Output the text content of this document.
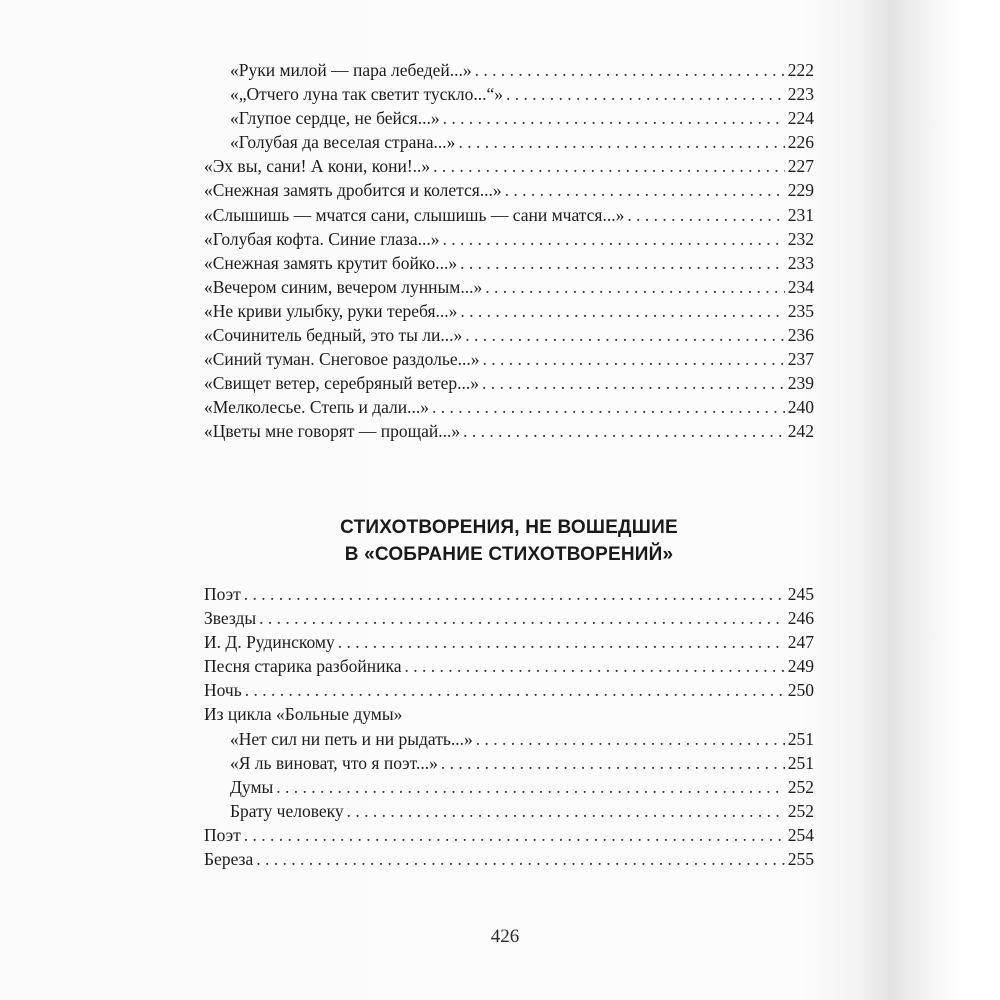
«Руки милой — пара лебедей...» . . .	222
«„Отчего луна так светит тускло...“» . . .	223
«Глупое сердце, не бейся...» . . .	224
«Голубая да веселая страна...» . . .	226
«Эх вы, сани! А кони, кони!..» . . .	227
«Снежная замять дробится и колется...» . . .	229
«Слышишь — мчатся сани, слышишь — сани мчатся...» . . .	231
«Голубая кофта. Синие глаза...» . . .	232
«Снежная замять крутит бойко...» . . .	233
«Вечером синим, вечером лунным...» . . .	234
«Не криви улыбку, руки теребя...» . . .	235
«Сочинитель бедный, это ты ли...» . . .	236
«Синий туман. Снеговое раздолье...» . . .	237
«Свищет ветер, серебряный ветер...» . . .	239
«Мелколесье. Степь и дали...» . . .	240
«Цветы мне говорят — прощай...» . . .	242
СТИХОТВОРЕНИЯ, НЕ ВОШЕДШИЕ
В «СОБРАНИЕ СТИХОТВОРЕНИЙ»
Поэт . . .	245
Звезды . . .	246
И. Д. Рудинскому . . .	247
Песня старика разбойника . . .	249
Ночь . . .	250
Из цикла «Больные думы»
«Нет сил ни петь и ни рыдать...» . . .	251
«Я ль виноват, что я поэт...» . . .	251
Думы . . .	252
Брату человеку . . .	252
Поэт . . .	254
Береза . . .	255
426
